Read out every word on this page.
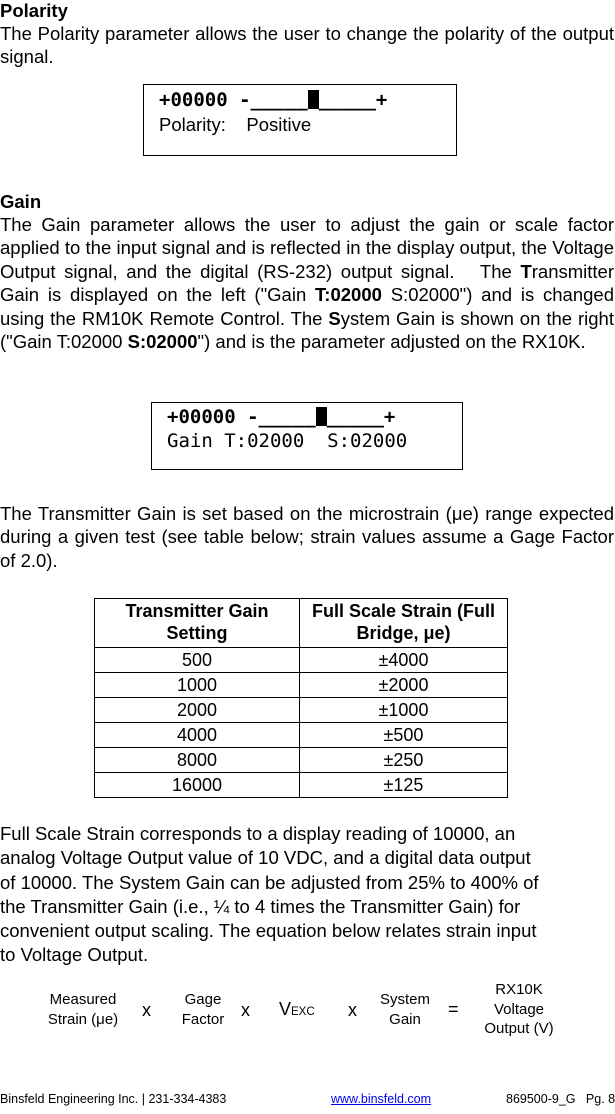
Polarity
The Polarity parameter allows the user to change the polarity of the output signal.
+00000 -_____ _____+
Polarity:    Positive
Gain
The Gain parameter allows the user to adjust the gain or scale factor applied to the input signal and is reflected in the display output, the Voltage Output signal, and the digital (RS-232) output signal. The Transmitter Gain is displayed on the left ("Gain T:02000 S:02000") and is changed using the RM10K Remote Control. The System Gain is shown on the right ("Gain T:02000 S:02000") and is the parameter adjusted on the RX10K.
+00000 -_____ _____+
Gain T:02000  S:02000
The Transmitter Gain is set based on the microstrain (μe) range expected during a given test (see table below; strain values assume a Gage Factor of 2.0).
Transmitter Gain Setting	Full Scale Strain (Full Bridge, μe)
500	±4000
1000	±2000
2000	±1000
4000	±500
8000	±250
16000	±125
Full Scale Strain corresponds to a display reading of 10000, an
analog Voltage Output value of 10 VDC, and a digital data output
of 10000. The System Gain can be adjusted from 25% to 400% of
the Transmitter Gain (i.e., ¼ to 4 times the Transmitter Gain) for
convenient output scaling. The equation below relates strain input
to Voltage Output.
Measured
Strain (μe)	x
Gage
Factor x VEXC x
System
Gain	=
RX10K
Voltage
Output (V)
Binsfeld Engineering Inc. | 231-334-4383	www.binsfeld.com	869500-9_G   Pg. 8
